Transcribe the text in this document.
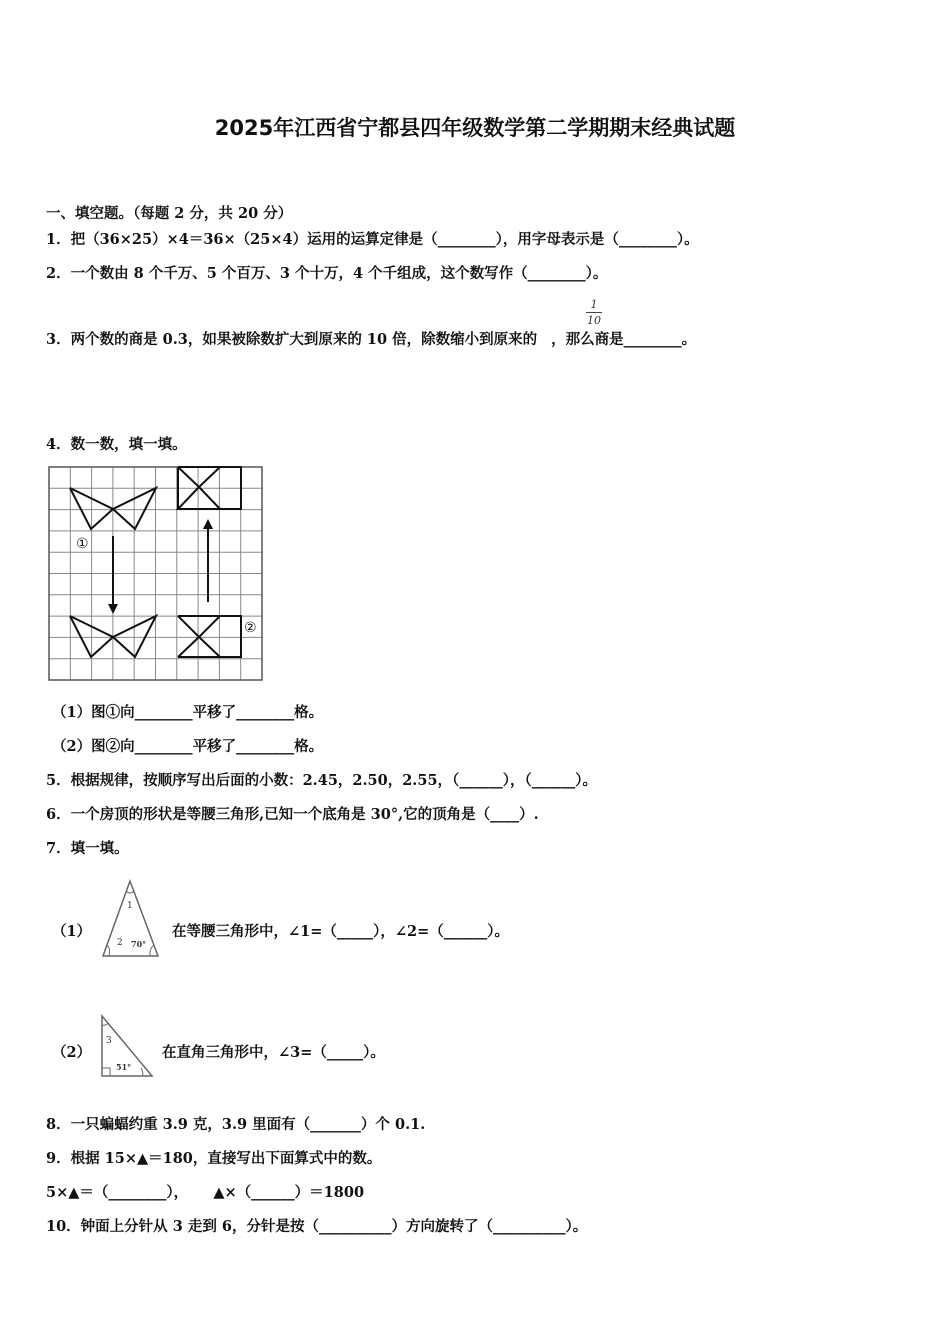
2025年江西省宁都县四年级数学第二学期期末经典试题
一、填空题。（每题 2 分，共 20 分）
1．把（36×25）×4＝36×（25×4）运用的运算定律是（________），用字母表示是（________）。
2．一个数由 8 个千万、5 个百万、3 个十万，4 个千组成，这个数写作（________）。
3．两个数的商是 0.3，如果被除数扩大到原来的 10 倍，除数缩小到原来的 ，那么商是________。
1
10
4．数一数，填一填。
①
②
（1）图①向________平移了________格。
（2）图②向________平移了________格。
5．根据规律，按顺序写出后面的小数：2.45，2.50，2.55，（______），（______）。
6．一个房顶的形状是等腰三角形,已知一个底角是 30°,它的顶角是（____）.
7．填一填。
（1）
1
2 70°
在等腰三角形中，∠1=（_____），∠2=（______）。
（2）
3
51°
在直角三角形中，∠3=（_____）。
8．一只蝙蝠约重 3.9 克，3.9 里面有（_______）个 0.1.
9．根据 15×▲＝180，直接写出下面算式中的数。
5×▲＝（________），     ▲×（______）＝1800
10．钟面上分针从 3 走到 6，分针是按（__________）方向旋转了（__________）。
